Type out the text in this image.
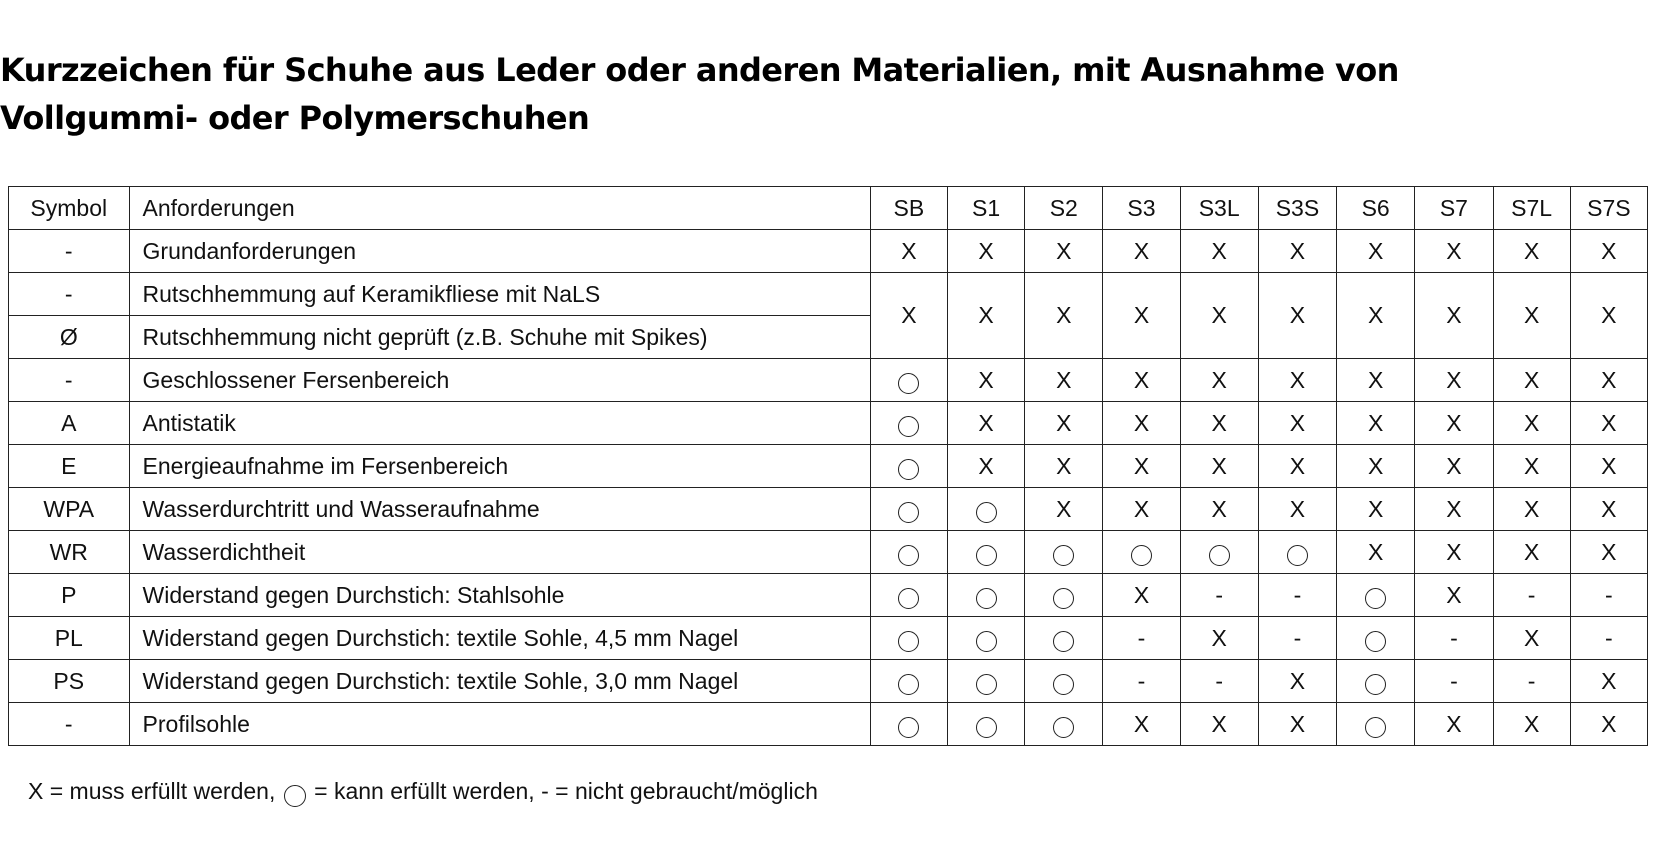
Kurzzeichen für Schuhe aus Leder oder anderen Materialien, mit Ausnahme von
Vollgummi- oder Polymerschuhen
Symbol	Anforderungen	SB	S1	S2	S3	S3L	S3S	S6	S7	S7L	S7S
-	Grundanforderungen	X	X	X	X	X	X	X	X	X	X
-	Rutschhemmung auf Keramikfliese mit NaLS	X	X	X	X	X	X	X	X	X	X
Ø	Rutschhemmung nicht geprüft (z.B. Schuhe mit Spikes)										
-	Geschlossener Fersenbereich		X	X	X	X	X	X	X	X	X
A	Antistatik		X	X	X	X	X	X	X	X	X
E	Energieaufnahme im Fersenbereich		X	X	X	X	X	X	X	X	X
WPA	Wasserdurchtritt und Wasseraufnahme			X	X	X	X	X	X	X	X
WR	Wasserdichtheit							X	X	X	X
P	Widerstand gegen Durchstich: Stahlsohle				X	-	-		X	-	-
PL	Widerstand gegen Durchstich: textile Sohle, 4,5 mm Nagel				-	X	-		-	X	-
PS	Widerstand gegen Durchstich: textile Sohle, 3,0 mm Nagel				-	-	X		-	-	X
-	Profilsohle				X	X	X		X	X	X
X = muss erfüllt werden, = kann erfüllt werden, - = nicht gebraucht/möglich
